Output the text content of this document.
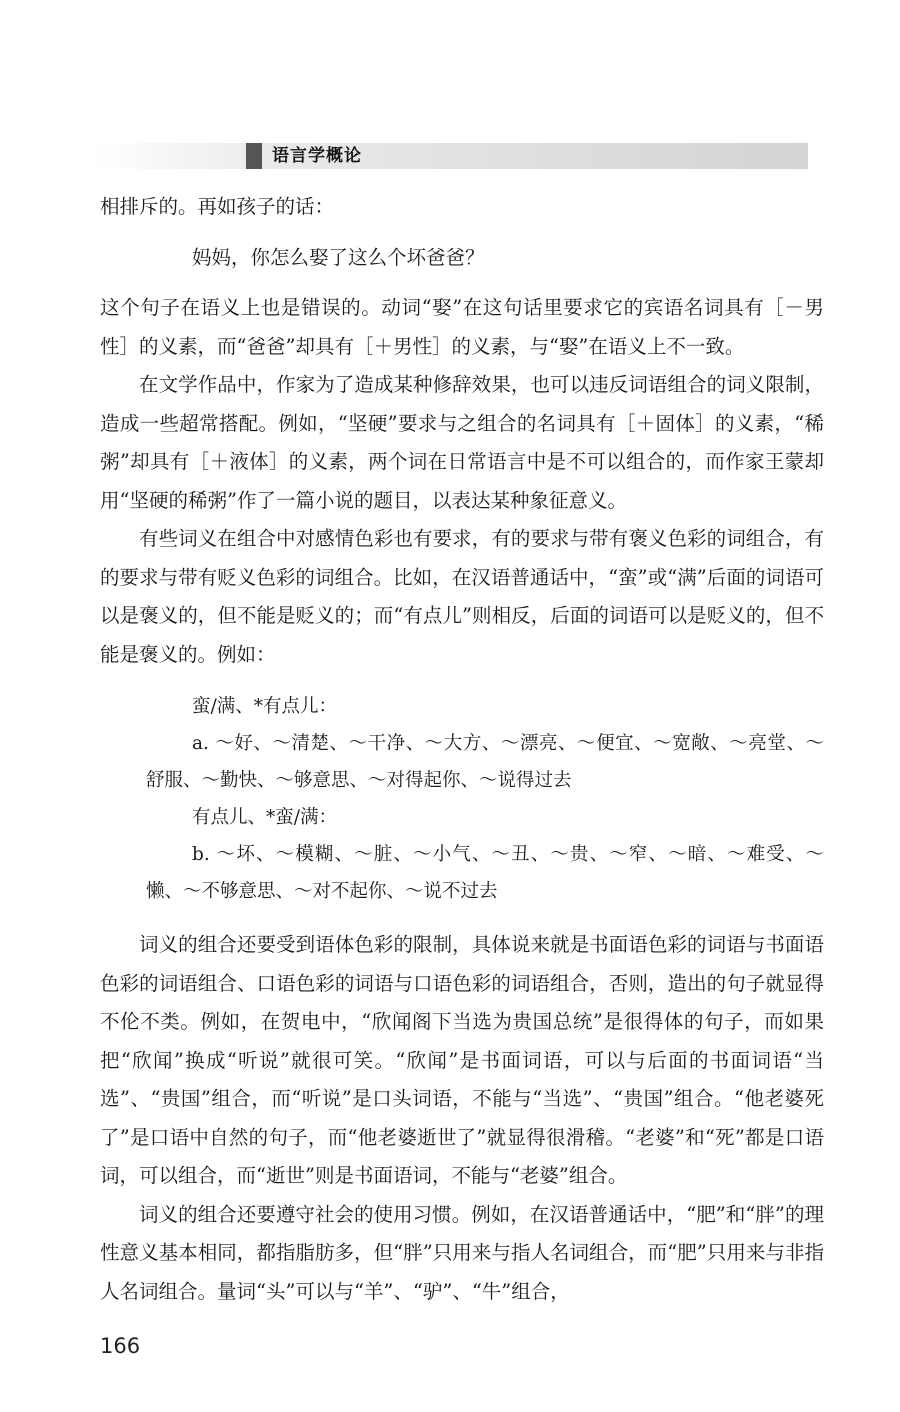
语言学概论

相排斥的。再如孩子的话：

妈妈，你怎么娶了这么个坏爸爸？

这个句子在语义上也是错误的。动词“娶”在这句话里要求它的宾语名词具有［－男性］的义素，而“爸爸”却具有［＋男性］的义素，与“娶”在语义上不一致。

在文学作品中，作家为了造成某种修辞效果，也可以违反词语组合的词义限制，造成一些超常搭配。例如，“坚硬”要求与之组合的名词具有［＋固体］的义素，“稀粥”却具有［＋液体］的义素，两个词在日常语言中是不可以组合的，而作家王蒙却用“坚硬的稀粥”作了一篇小说的题目，以表达某种象征意义。

有些词义在组合中对感情色彩也有要求，有的要求与带有褒义色彩的词组合，有的要求与带有贬义色彩的词组合。比如，在汉语普通话中，“蛮”或“满”后面的词语可以是褒义的，但不能是贬义的；而“有点儿”则相反，后面的词语可以是贬义的，但不能是褒义的。例如：

蛮/满、*有点儿：

a. ～好、～清楚、～干净、～大方、～漂亮、～便宜、～宽敞、～亮堂、～舒服、～勤快、～够意思、～对得起你、～说得过去

有点儿、*蛮/满：

b. ～坏、～模糊、～脏、～小气、～丑、～贵、～窄、～暗、～难受、～懒、～不够意思、～对不起你、～说不过去

词义的组合还要受到语体色彩的限制，具体说来就是书面语色彩的词语与书面语色彩的词语组合、口语色彩的词语与口语色彩的词语组合，否则，造出的句子就显得不伦不类。例如，在贺电中，“欣闻阁下当选为贵国总统”是很得体的句子，而如果把“欣闻”换成“听说”就很可笑。“欣闻”是书面词语，可以与后面的书面词语“当选”、“贵国”组合，而“听说”是口头词语，不能与“当选”、“贵国”组合。“他老婆死了”是口语中自然的句子，而“他老婆逝世了”就显得很滑稽。“老婆”和“死”都是口语词，可以组合，而“逝世”则是书面语词，不能与“老婆”组合。

词义的组合还要遵守社会的使用习惯。例如，在汉语普通话中，“肥”和“胖”的理性意义基本相同，都指脂肪多，但“胖”只用来与指人名词组合，而“肥”只用来与非指人名词组合。量词“头”可以与“羊”、“驴”、“牛”组合，

166
